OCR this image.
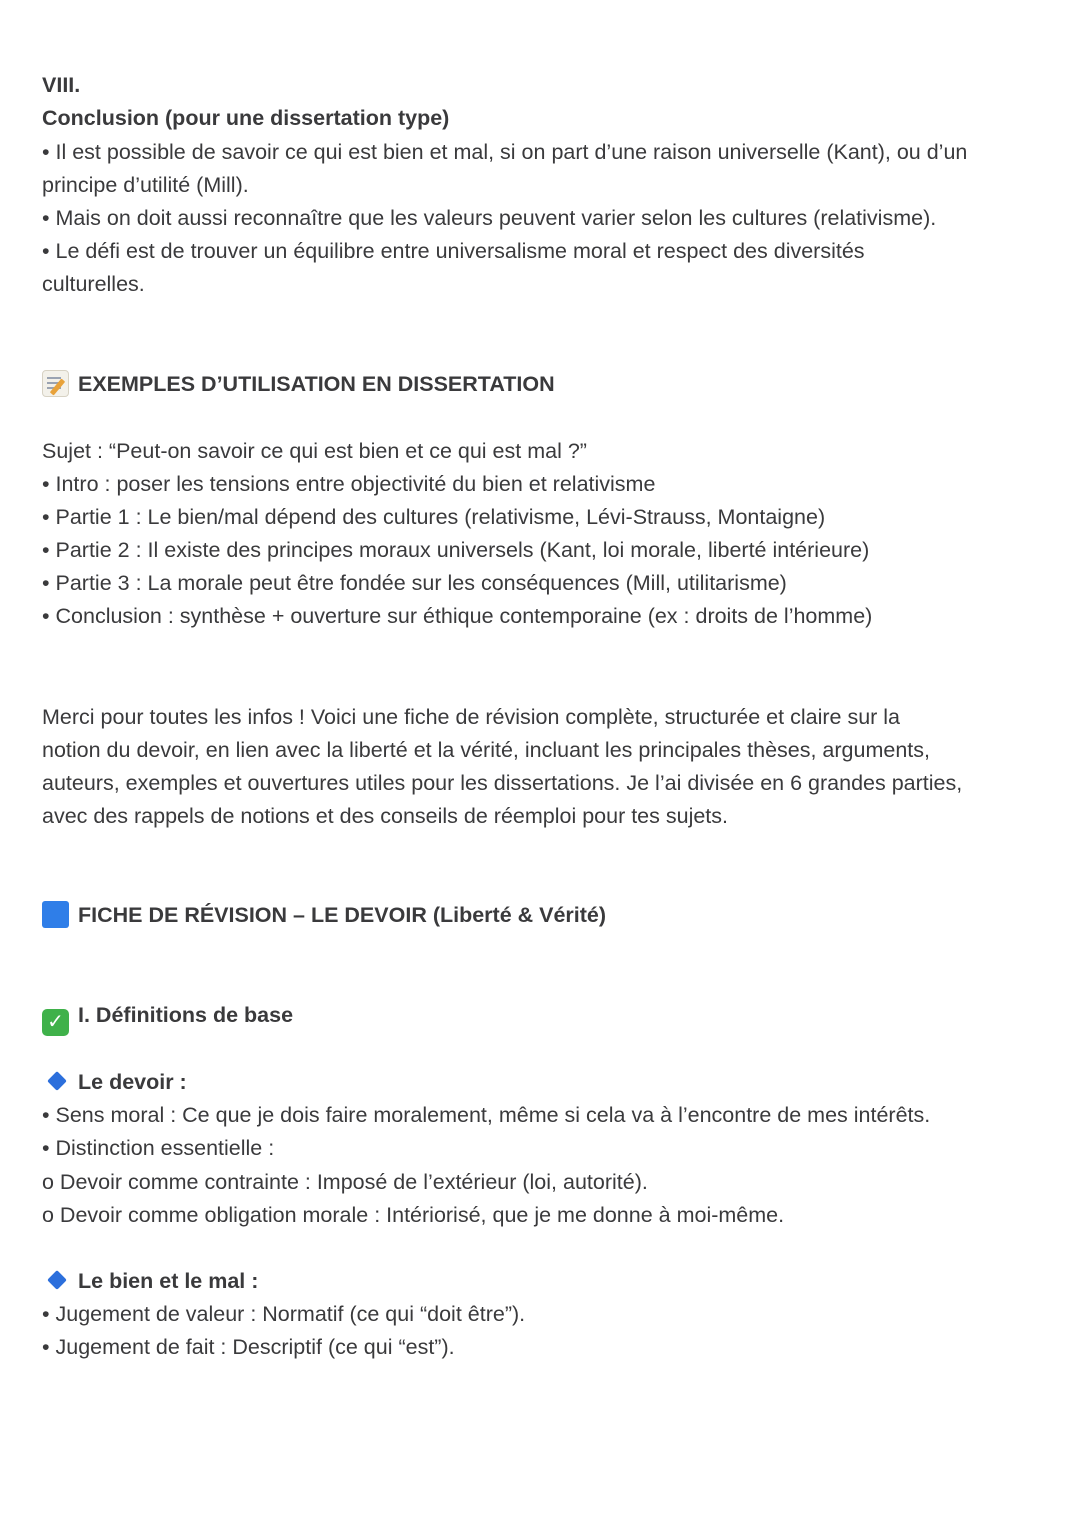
VIII.
Conclusion (pour une dissertation type)
• Il est possible de savoir ce qui est bien et mal, si on part d’une raison universelle (Kant), ou d’un
principe d’utilité (Mill).
• Mais on doit aussi reconnaître que les valeurs peuvent varier selon les cultures (relativisme).
• Le défi est de trouver un équilibre entre universalisme moral et respect des diversités
culturelles.
EXEMPLES D’UTILISATION EN DISSERTATION
Sujet : “Peut-on savoir ce qui est bien et ce qui est mal ?”
• Intro : poser les tensions entre objectivité du bien et relativisme
• Partie 1 : Le bien/mal dépend des cultures (relativisme, Lévi-Strauss, Montaigne)
• Partie 2 : Il existe des principes moraux universels (Kant, loi morale, liberté intérieure)
• Partie 3 : La morale peut être fondée sur les conséquences (Mill, utilitarisme)
• Conclusion : synthèse + ouverture sur éthique contemporaine (ex : droits de l’homme)
Merci pour toutes les infos ! Voici une fiche de révision complète, structurée et claire sur la
notion du devoir, en lien avec la liberté et la vérité, incluant les principales thèses, arguments,
auteurs, exemples et ouvertures utiles pour les dissertations. Je l’ai divisée en 6 grandes parties,
avec des rappels de notions et des conseils de réemploi pour tes sujets.
FICHE DE RÉVISION – LE DEVOIR (Liberté & Vérité)
✓ I. Définitions de base
Le devoir :
• Sens moral : Ce que je dois faire moralement, même si cela va à l’encontre de mes intérêts.
• Distinction essentielle :
o Devoir comme contrainte : Imposé de l’extérieur (loi, autorité).
o Devoir comme obligation morale : Intériorisé, que je me donne à moi-même.
Le bien et le mal :
• Jugement de valeur : Normatif (ce qui “doit être”).
• Jugement de fait : Descriptif (ce qui “est”).
